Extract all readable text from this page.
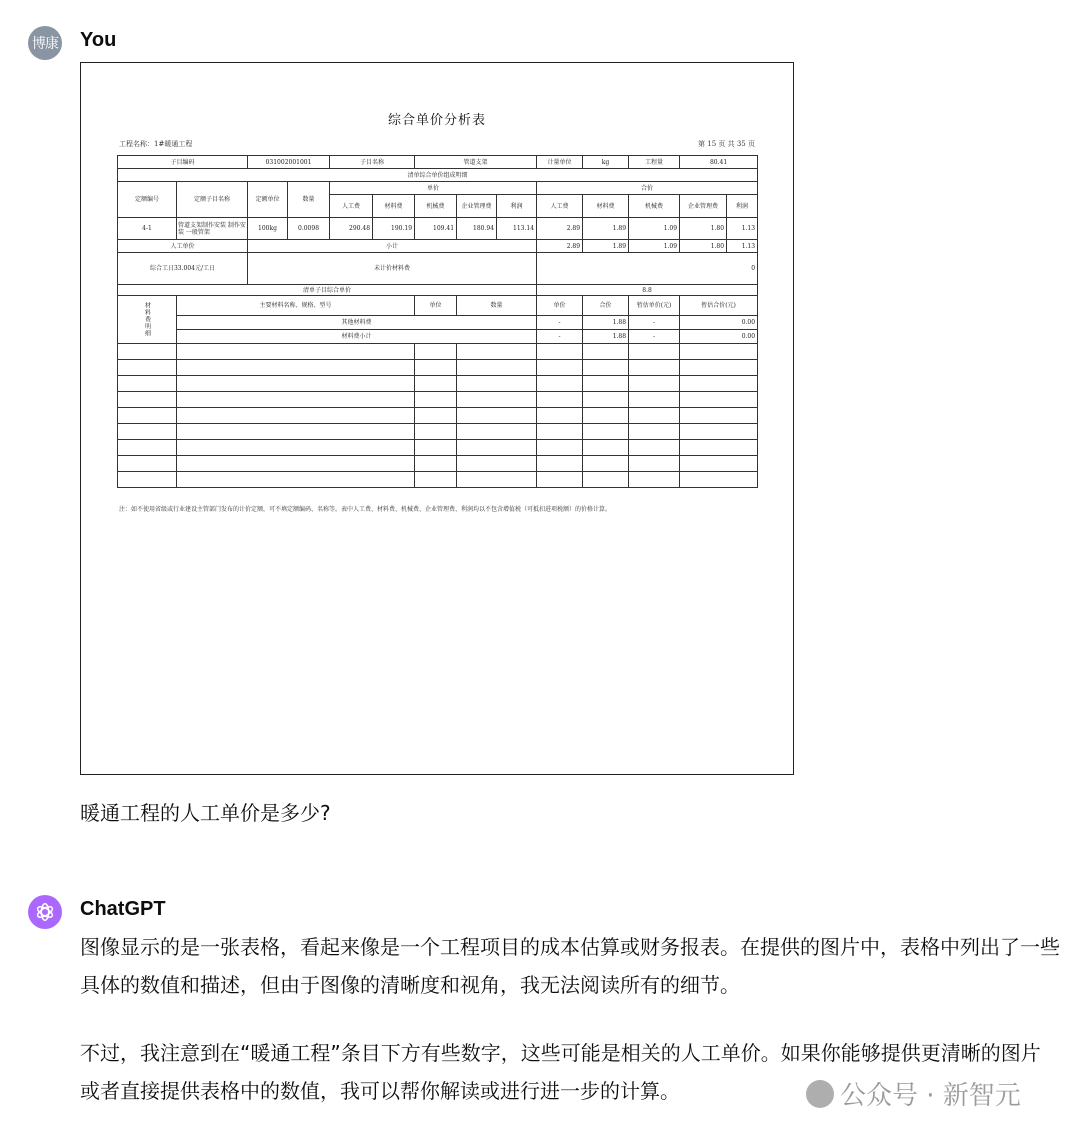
博康 You
综合单价分析表
工程名称：1#暖通工程	第 15 页 共 35 页
子目编码		031002001001		子目名称		管道支架			计量单位	kg	工程量	80.41	
清单综合单价组成明细													
定额编号	定额子目名称	定额单位	数量	单价					合价				
				人工费	材料费	机械费	企业管理费	利润	人工费	材料费	机械费	企业管理费	利润
4-1	管道支架制作安装 制作安装 一般管架	100kg	0.0098	290.48	190.19	109.41	180.94	113.14	2.89	1.89	1.09	1.80	1.13
人工单价		小计							2.89	1.89	1.09	1.80	1.13
综合工日33.004元/工日		未计价材料费							0				
清单子目综合单价									8.8				
材料费明细	主要材料名称、规格、型号					单位	数量		单价	合价	暂估单价(元)	暂估合价(元)	
	其他材料费								-	1.88	-	0.00	
	材料费小计								-	1.88	-	0.00	

注：如不使用省级或行业建设主管部门发布的计价定额，可不填定额编码、名称等。表中人工费、材料费、机械费、企业管理费、利润均以不包含增值税（可抵扣进项税额）的价格计算。
暖通工程的人工单价是多少?
ChatGPT
图像显示的是一张表格，看起来像是一个工程项目的成本估算或财务报表。在提供的图片中，表格中列出了一些具体的数值和描述，但由于图像的清晰度和视角，我无法阅读所有的细节。
不过，我注意到在“暖通工程”条目下方有些数字，这些可能是相关的人工单价。如果你能够提供更清晰的图片或者直接提供表格中的数值，我可以帮你解读或进行进一步的计算。	公众号 · 新智元
